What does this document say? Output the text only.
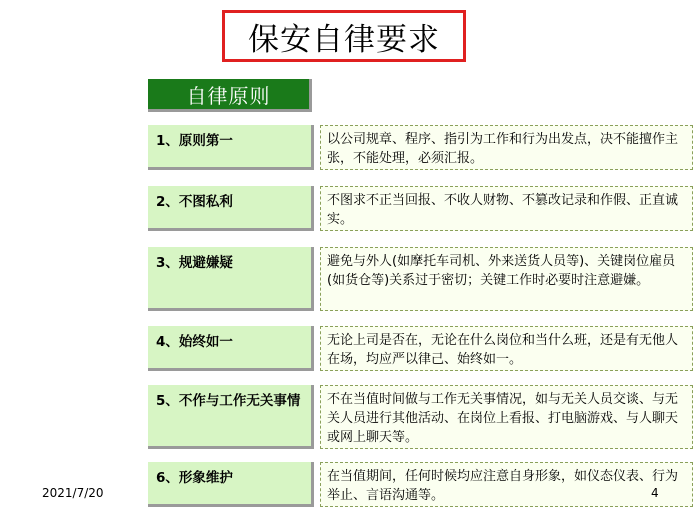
保安自律要求
自律原则
1、原则第一	以公司规章、程序、指引为工作和行为出发点，决不能擅作主张，不能处理，必须汇报。
2、不图私利	不图求不正当回报、不收人财物、不篡改记录和作假、正直诚实。
3、规避嫌疑	避免与外人(如摩托车司机、外来送货人员等)、关键岗位雇员(如货仓等)关系过于密切；关键工作时必要时注意避嫌。
4、始终如一	无论上司是否在，无论在什么岗位和当什么班，还是有无他人在场，均应严以律己、始终如一。
5、不作与工作无关事情	不在当值时间做与工作无关事情况，如与无关人员交谈、与无关人员进行其他活动、在岗位上看报、打电脑游戏、与人聊天或网上聊天等。
6、形象维护	在当值期间，任何时候均应注意自身形象，如仪态仪表、行为举止、言语沟通等。
2021/7/20	4
